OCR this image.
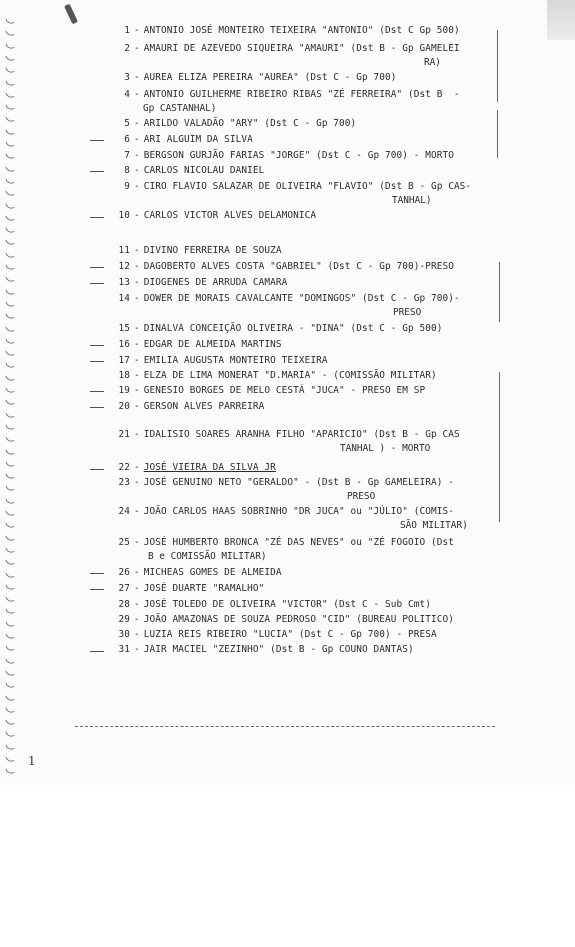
1 - ANTONIO JOSÉ MONTEIRO TEIXEIRA "ANTONIO" (Dst C Gp 500)

2 - AMAURI DE AZEVEDO SIQUEIRA "AMAURI" (Dst B - Gp GAMELEI

RA)

3 - AUREA ELIZA PEREIRA "AUREA" (Dst C - Gp 700)

4 - ANTONIO GUILHERME RIBEIRO RIBAS "ZÉ FERREIRA" (Dst B  -

Gp CASTANHAL)

5 - ARILDO VALADÃO "ARY" (Dst C - Gp 700)

6 - ARI ALGUIM DA SILVA

7 - BERGSON GURJÃO FARIAS "JORGE" (Dst C - Gp 700) - MORTO

8 - CARLOS NICOLAU DANIEL

9 - CIRO FLAVIO SALAZAR DE OLIVEIRA "FLAVIO" (Dst B - Gp CAS-

TANHAL)

10 - CARLOS VICTOR ALVES DELAMONICA

11 - DIVINO FERREIRA DE SOUZA

12 - DAGOBERTO ALVES COSTA "GABRIEL" (Dst C - Gp 700)-PRESO

13 - DIOGENES DE ARRUDA CAMARA

14 - DOWER DE MORAIS CAVALCANTE "DOMINGOS" (Dst C - Gp 700)-

PRESO

15 - DINALVA CONCEIÇÃO OLIVEIRA - "DINA" (Dst C - Gp 500)

16 - EDGAR DE ALMEIDA MARTINS

17 - EMILIA AUGUSTA MONTEIRO TEIXEIRA

18 - ELZA DE LIMA MONERAT "D.MARIA" - (COMISSÃO MILITAR)

19 - GENESIO BORGES DE MELO CESTÁ "JUCA" - PRESO EM SP

20 - GERSON ALVES PARREIRA

21 - IDALISIO SOARES ARANHA FILHO "APARICIO" (Dst B - Gp CAS

TANHAL ) - MORTO

22 - JOSÉ VIEIRA DA SILVA JR

23 - JOSÉ GENUINO NETO "GERALDO" - (Dst B - Gp GAMELEIRA) -

PRESO

24 - JOÃO CARLOS HAAS SOBRINHO "DR JUCA" ou "JÚLIO" (COMIS-

SÃO MILITAR)

25 - JOSÉ HUMBERTO BRONCA "ZÉ DAS NEVES" ou "ZÉ FOGOIO (Dst

B e COMISSÃO MILITAR)

26 - MICHEAS GOMES DE ALMEIDA

27 - JOSÉ DUARTE "RAMALHO"

28 - JOSÉ TOLEDO DE OLIVEIRA "VICTOR" (Dst C - Sub Cmt)

29 - JOÃO AMAZONAS DE SOUZA PEDROSO "CID" (BUREAU POLITICO)

30 - LUZIA REIS RIBEIRO "LUCIA" (Dst C - Gp 700) - PRESA

31 - JAIR MACIEL "ZEZINHO" (Dst B - Gp COUNO DANTAS)

1
